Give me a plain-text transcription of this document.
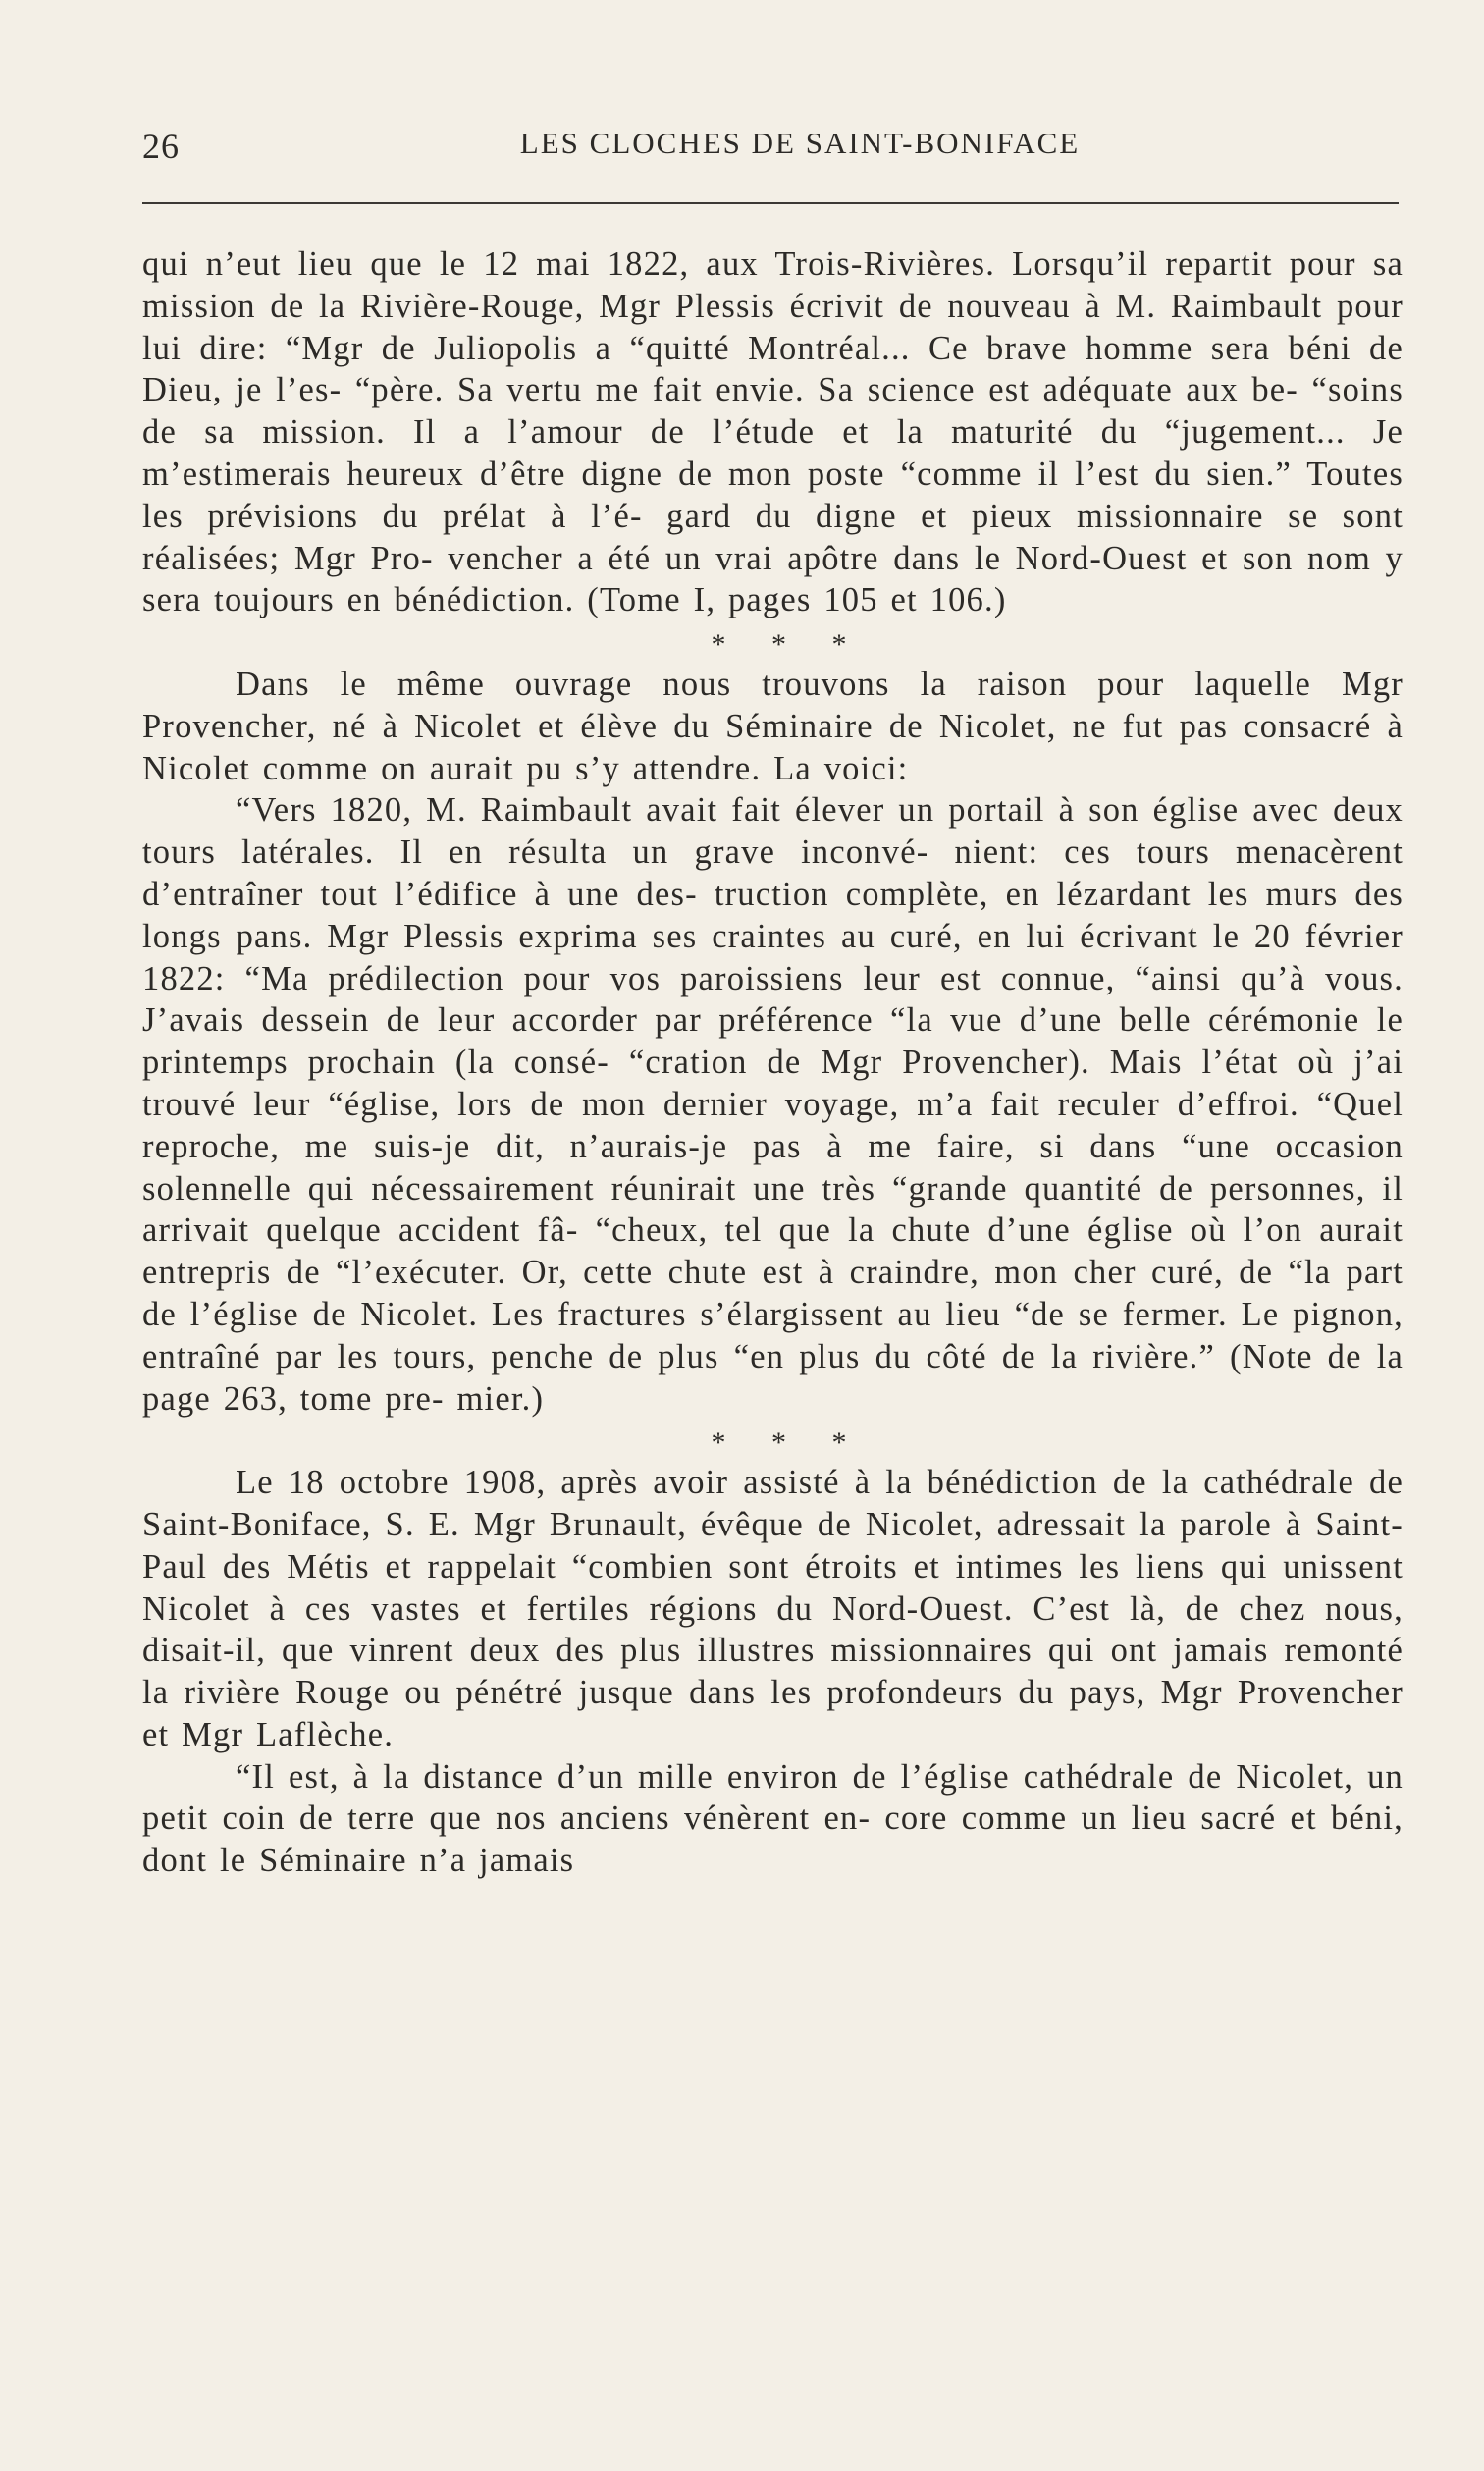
26	LES CLOCHES DE SAINT-BONIFACE

qui n’eut lieu que le 12 mai 1822, aux Trois-Rivières. Lorsqu’il repartit pour sa mission de la Rivière-Rouge, Mgr Plessis écrivit de nouveau à M. Raimbault pour lui dire: “Mgr de Juliopolis a “quitté Montréal... Ce brave homme sera béni de Dieu, je l’es- “père. Sa vertu me fait envie. Sa science est adéquate aux be- “soins de sa mission. Il a l’amour de l’étude et la maturité du “jugement... Je m’estimerais heureux d’être digne de mon poste “comme il l’est du sien.” Toutes les prévisions du prélat à l’é- gard du digne et pieux missionnaire se sont réalisées; Mgr Pro- vencher a été un vrai apôtre dans le Nord-Ouest et son nom y sera toujours en bénédiction. (Tome I, pages 105 et 106.)

* * *

Dans le même ouvrage nous trouvons la raison pour laquelle Mgr Provencher, né à Nicolet et élève du Séminaire de Nicolet, ne fut pas consacré à Nicolet comme on aurait pu s’y attendre. La voici:

“Vers 1820, M. Raimbault avait fait élever un portail à son église avec deux tours latérales. Il en résulta un grave inconvé- nient: ces tours menacèrent d’entraîner tout l’édifice à une des- truction complète, en lézardant les murs des longs pans. Mgr Plessis exprima ses craintes au curé, en lui écrivant le 20 février 1822: “Ma prédilection pour vos paroissiens leur est connue, “ainsi qu’à vous. J’avais dessein de leur accorder par préférence “la vue d’une belle cérémonie le printemps prochain (la consé- “cration de Mgr Provencher). Mais l’état où j’ai trouvé leur “église, lors de mon dernier voyage, m’a fait reculer d’effroi. “Quel reproche, me suis-je dit, n’aurais-je pas à me faire, si dans “une occasion solennelle qui nécessairement réunirait une très “grande quantité de personnes, il arrivait quelque accident fâ- “cheux, tel que la chute d’une église où l’on aurait entrepris de “l’exécuter. Or, cette chute est à craindre, mon cher curé, de “la part de l’église de Nicolet. Les fractures s’élargissent au lieu “de se fermer. Le pignon, entraîné par les tours, penche de plus “en plus du côté de la rivière.” (Note de la page 263, tome pre- mier.)

* * *

Le 18 octobre 1908, après avoir assisté à la bénédiction de la cathédrale de Saint-Boniface, S. E. Mgr Brunault, évêque de Nicolet, adressait la parole à Saint-Paul des Métis et rappelait “combien sont étroits et intimes les liens qui unissent Nicolet à ces vastes et fertiles régions du Nord-Ouest. C’est là, de chez nous, disait-il, que vinrent deux des plus illustres missionnaires qui ont jamais remonté la rivière Rouge ou pénétré jusque dans les profondeurs du pays, Mgr Provencher et Mgr Laflèche.

“Il est, à la distance d’un mille environ de l’église cathédrale de Nicolet, un petit coin de terre que nos anciens vénèrent en- core comme un lieu sacré et béni, dont le Séminaire n’a jamais
